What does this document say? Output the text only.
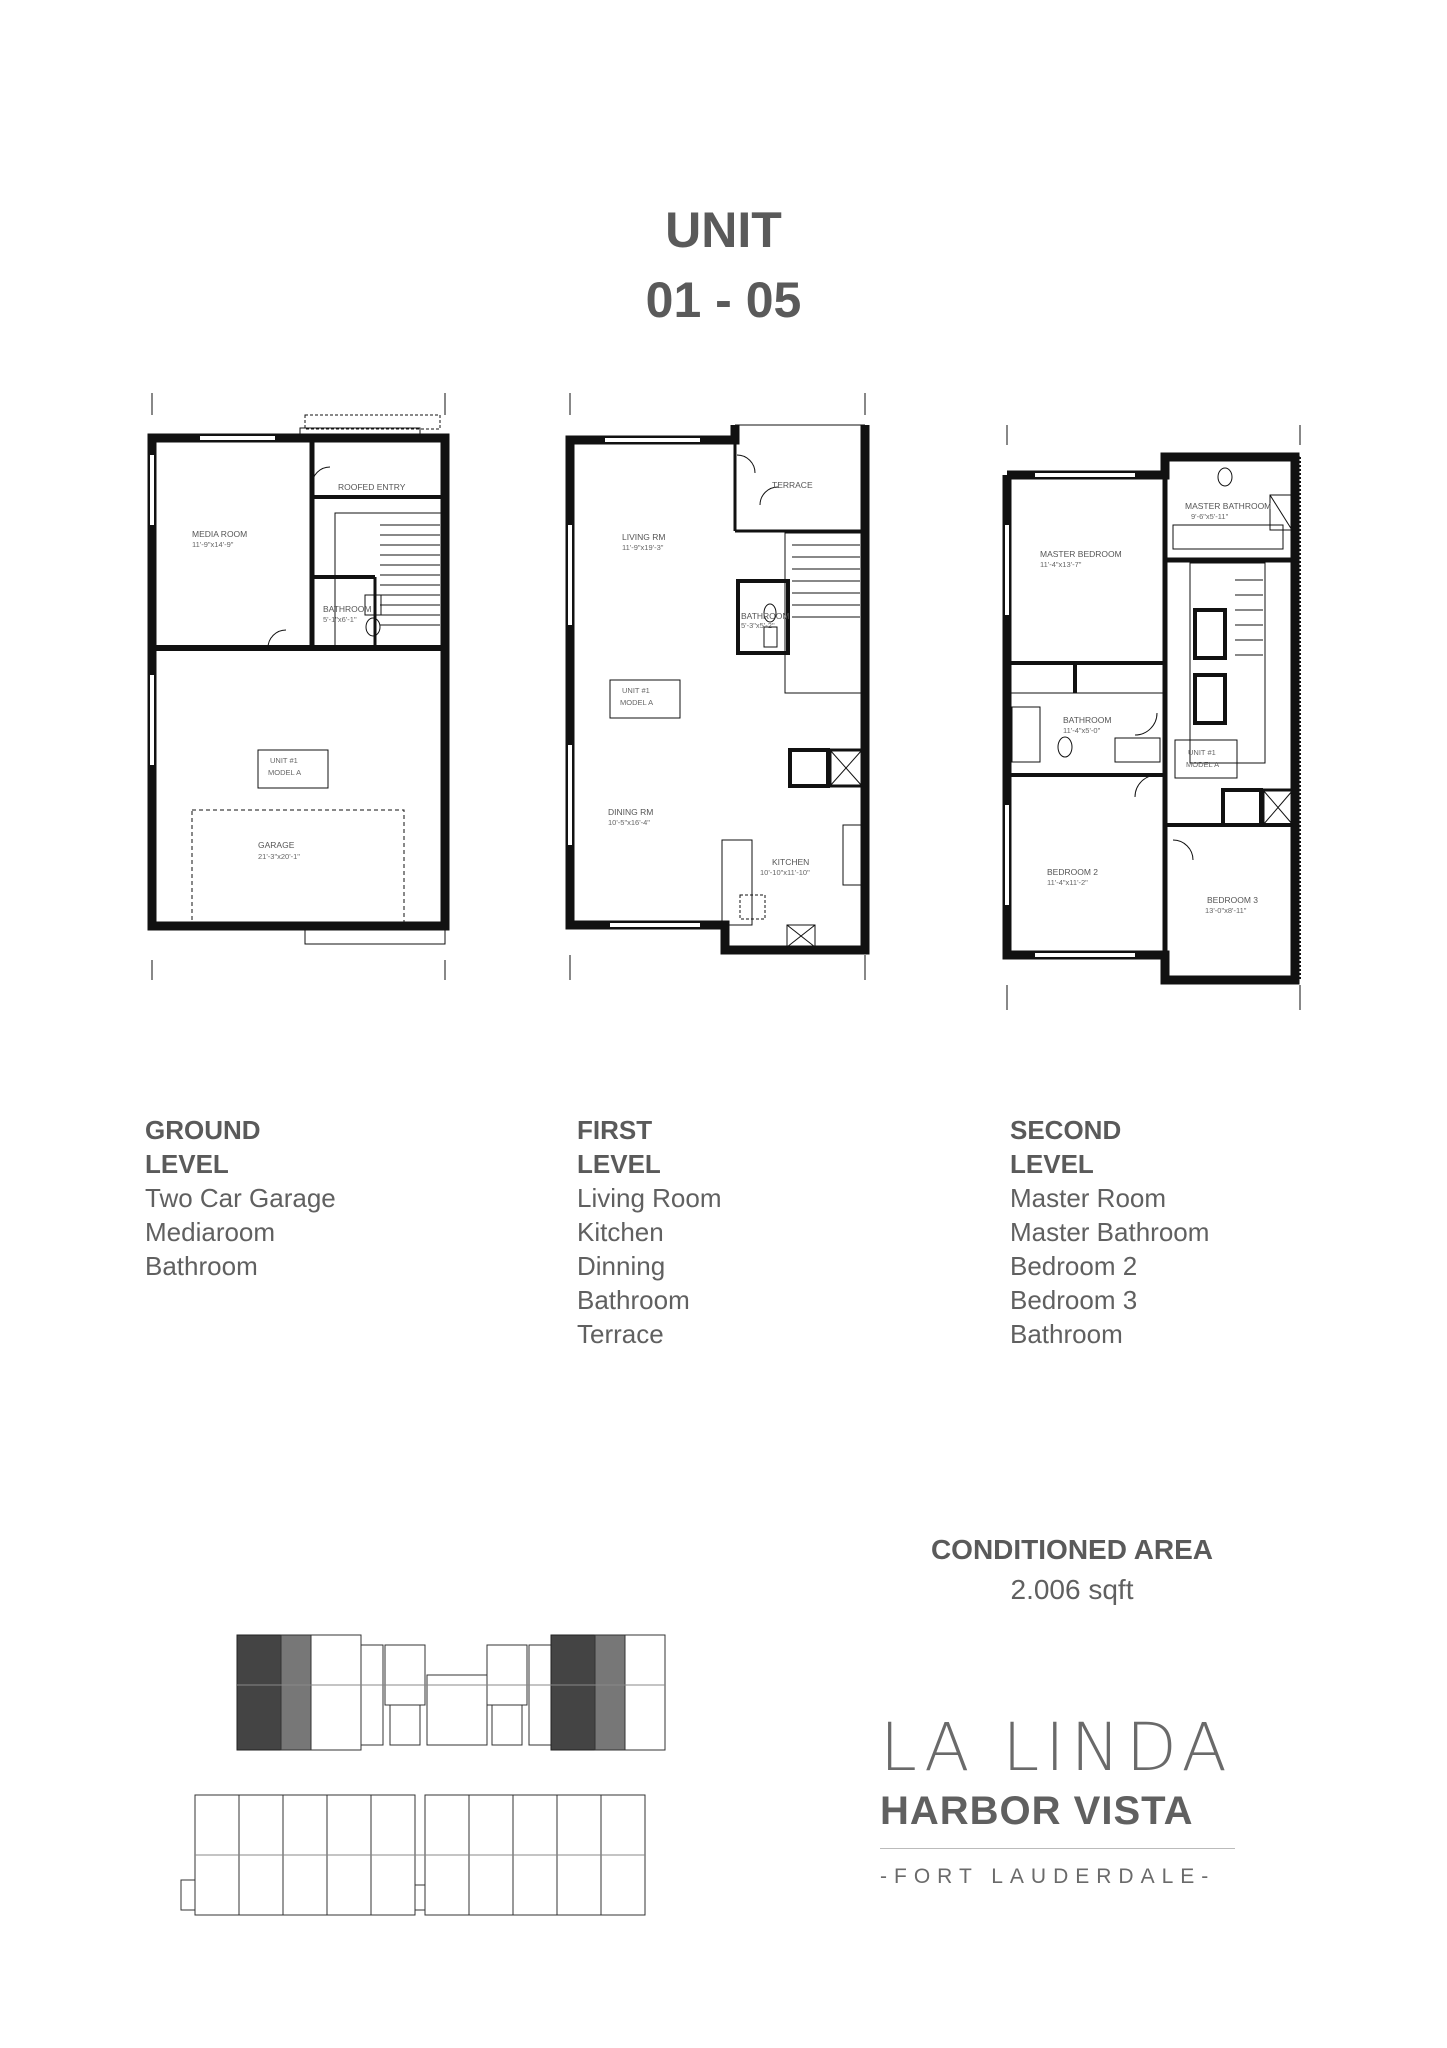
UNIT
01 - 05
MEDIA ROOM
11'-9"x14'-9"
ROOFED ENTRY
BATHROOM
5'-1"x6'-1"
GARAGE
21'-3"x20'-1"
UNIT #1
MODEL A
LIVING RM
11'-9"x19'-3"
TERRACE
BATHROOM
5'-3"x5'-2"
DINING RM
10'-5"x16'-4"
KITCHEN
10'-10"x11'-10"
UNIT #1
MODEL A
MASTER BEDROOM
11'-4"x13'-7"
MASTER BATHROOM
9'-6"x5'-11"
BATHROOM
11'-4"x5'-0"
BEDROOM 2
11'-4"x11'-2"
BEDROOM 3
13'-0"x8'-11"
UNIT #1
MODEL A
GROUND
LEVEL
Two Car Garage
Mediaroom
Bathroom
FIRST
LEVEL
Living Room
Kitchen
Dinning
Bathroom
Terrace
SECOND
LEVEL
Master Room
Master Bathroom
Bedroom 2
Bedroom 3
Bathroom
CONDITIONED AREA
2.006 sqft
LA LINDA
HARBOR VISTA
-FORT LAUDERDALE-
